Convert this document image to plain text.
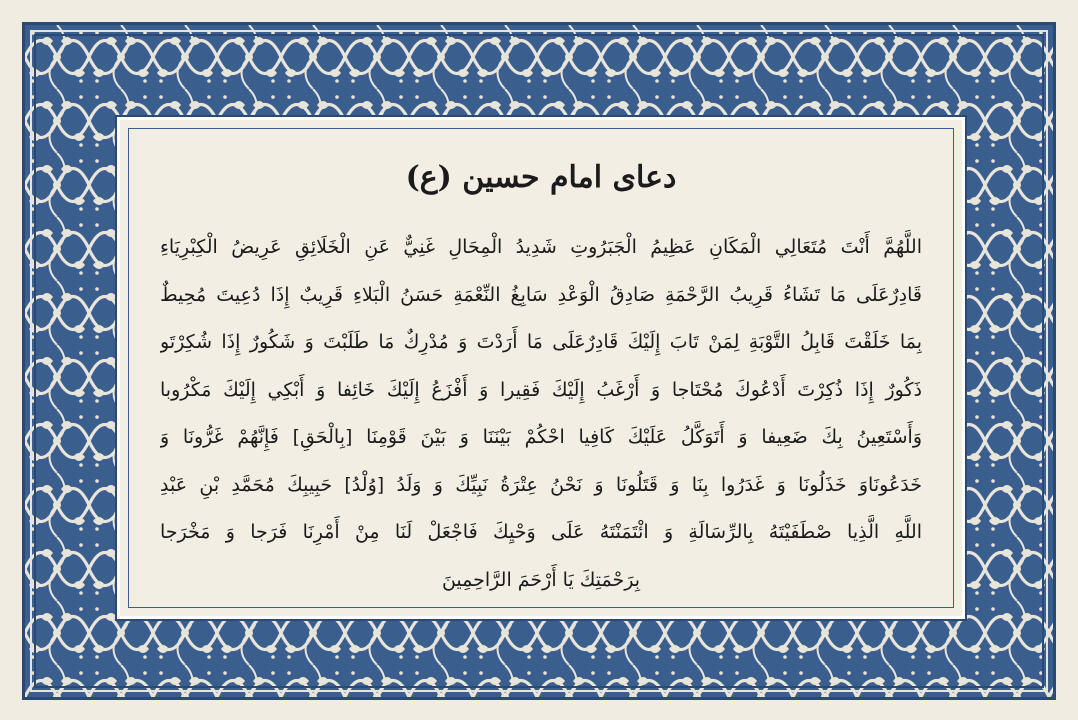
دعای امام حسین (ع)
اللَّهُمَّ أَنْتَ مُتَعَالِي الْمَكَانِ عَظِيمُ الْجَبَرُوتِ شَدِيدُ الْمِحَالِ غَنِيٌّ عَنِ الْخَلَائِقِ عَرِيضُ الْكِبْرِيَاءِ
قَادِرٌعَلَى مَا تَشَاءُ قَرِيبُ الرَّحْمَةِ صَادِقُ الْوَعْدِ سَابِغُ النِّعْمَةِ حَسَنُ الْبَلاءِ قَرِيبٌ إِذَا دُعِيتَ مُحِيطٌ
بِمَا خَلَقْتَ قَابِلُ التَّوْبَةِ لِمَنْ تَابَ إِلَيْكَ قَادِرٌعَلَى مَا أَرَدْتَ وَ مُدْرِكٌ مَا طَلَبْتَ وَ شَكُورٌ إِذَا شُكِرْتَو
ذَكُورٌ إِذَا ذُكِرْتَ أَدْعُوكَ مُحْتَاجا وَ أَرْغَبُ إِلَيْكَ فَقِيرا وَ أَفْزَعُ إِلَيْكَ خَائِفا وَ أَبْكِي إِلَيْكَ مَكْرُوبا
وَأَسْتَعِينُ بِكَ ضَعِيفا وَ أَتَوَكَّلُ عَلَيْكَ كَافِيا احْكُمْ بَيْنَنَا وَ بَيْنَ قَوْمِنَا [بِالْحَقِ] فَإِنَّهُمْ غَرُّونَا وَ
خَدَعُونَاوَ خَذَلُونَا وَ غَدَرُوا بِنَا وَ قَتَلُونَا وَ نَحْنُ عِتْرَةُ نَبِيِّكَ وَ وَلَدُ [وُلْدُ] حَبِيبِكَ مُحَمَّدِ بْنِ عَبْدِ
اللَّهِ الَّذِيا صْطَفَيْتَهُ بِالرِّسَالَةِ وَ ائْتَمَنْتَهُ عَلَى وَحْيِكَ فَاجْعَلْ لَنَا مِنْ أَمْرِنَا فَرَجا وَ مَخْرَجا
بِرَحْمَتِكَ يَا أَرْحَمَ الرَّاحِمِينَ
